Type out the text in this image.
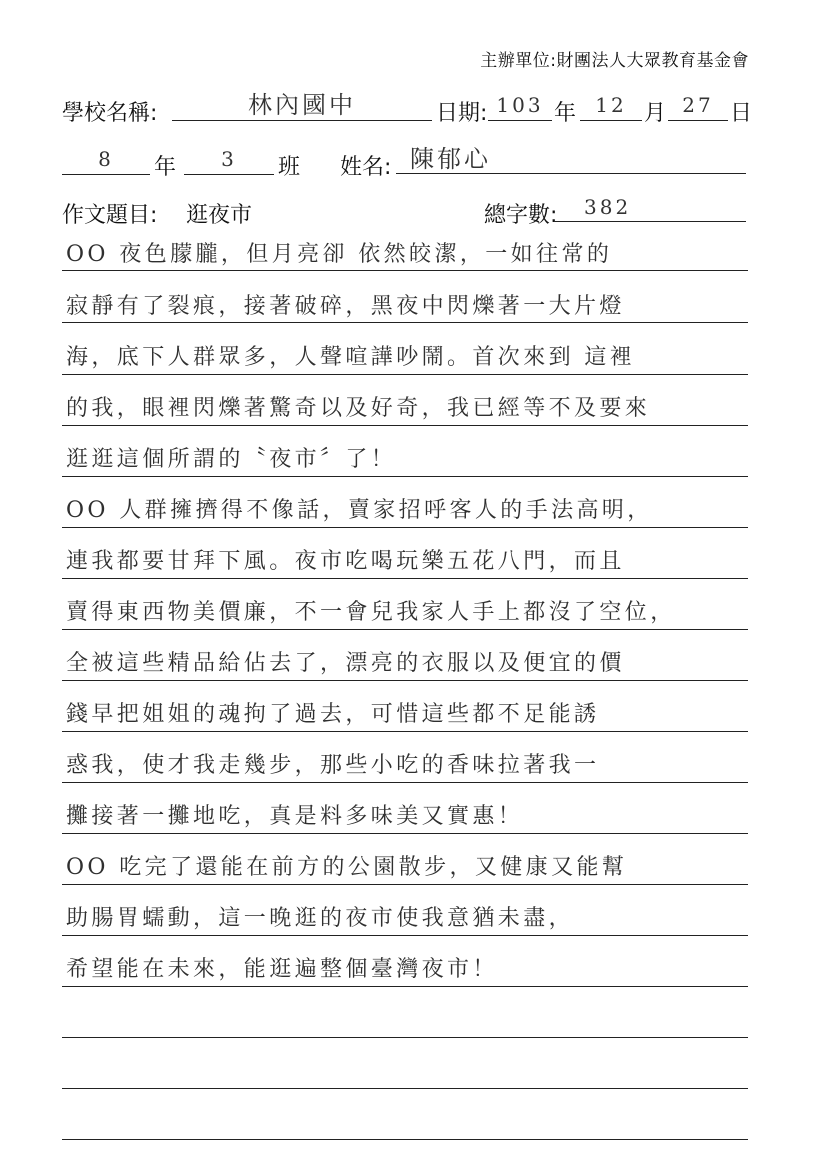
主辦單位:財團法人大眾教育基金會
學校名稱:	林內國中	日期: 103 年 12 月 27 日
8	年	3	班 姓名: 陳郁心
作文題目: 逛夜市	總字數:	382
OO 夜色朦朧，但月亮卻 依然皎潔，一如往常的
寂靜有了裂痕，接著破碎，黑夜中閃爍著一大片燈
海，底下人群眾多，人聲喧譁吵鬧。首次來到 這裡
的我，眼裡閃爍著驚奇以及好奇，我已經等不及要來
逛逛這個所謂的〝夜市〞了！
OO 人群擁擠得不像話，賣家招呼客人的手法高明，
連我都要甘拜下風。夜市吃喝玩樂五花八門，而且
賣得東西物美價廉，不一會兒我家人手上都沒了空位，
全被這些精品給佔去了，漂亮的衣服以及便宜的價
錢早把姐姐的魂拘了過去，可惜這些都不足能誘
惑我，使才我走幾步，那些小吃的香味拉著我一
攤接著一攤地吃，真是料多味美又實惠！
OO 吃完了還能在前方的公園散步，又健康又能幫
助腸胃蠕動，這一晚逛的夜市使我意猶未盡，
希望能在未來，能逛遍整個臺灣夜市！
